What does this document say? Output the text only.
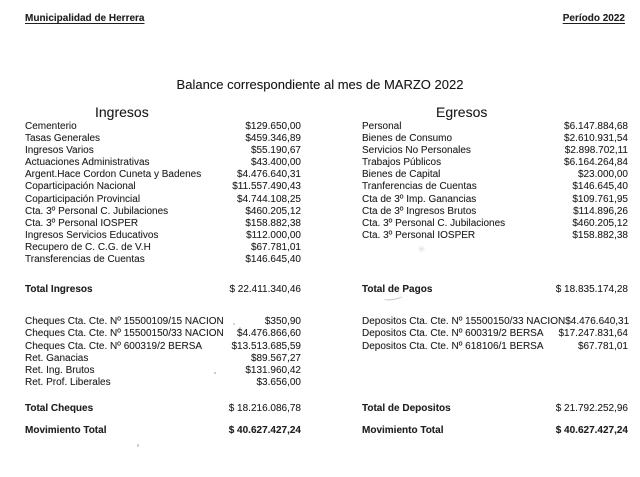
Municipalidad de Herrera	Período 2022
Balance correspondiente al mes de MARZO 2022
Ingresos
Cementerio	$129.650,00
Tasas Generales	$459.346,89
Ingresos Varios	$55.190,67
Actuaciones Administrativas	$43.400,00
Argent.Hace Cordon Cuneta y Badenes	$4.476.640,31
Coparticipación Nacional	$11.557.490,43
Coparticipación Provincial	$4.744.108,25
Cta. 3º Personal C. Jubilaciones	$460.205,12
Cta. 3º Personal IOSPER	$158.882,38
Ingresos Servicios Educativos	$112.000,00
Recupero de C. C.G. de V.H	$67.781,01
Transferencias de Cuentas	$146.645,40
Total Ingresos	$ 22.411.340,46
Cheques Cta. Cte. Nº 15500109/15 NACION	$350,90
Cheques Cta. Cte. Nº 15500150/33 NACION $4.476.866,60
Cheques Cta. Cte. Nº 600319/2 BERSA	$13.513.685,59
Ret. Ganacias	$89.567,27
Ret. Ing. Brutos	$131.960,42
Ret. Prof. Liberales	$3.656,00
Total Cheques	$ 18.216.086,78
Movimiento Total	$ 40.627.427,24
Egresos
Personal	$6.147.884,68
Bienes de Consumo	$2.610.931,54
Servicios No Personales	$2.898.702,11
Trabajos Públicos	$6.164.264,84
Bienes de Capital	$23.000,00
Tranferencias de Cuentas	$146.645,40
Cta de 3º Imp. Ganancias	$109.761,95
Cta de 3º Ingresos Brutos	$114.896,26
Cta. 3º Personal C. Jubilaciones	$460.205,12
Cta. 3º Personal IOSPER	$158.882,38
Total de Pagos	$ 18.835.174,28
Depositos Cta. Cte. Nº 15500150/33 NACION $4.476.640,31
Depositos Cta. Cte. Nº 600319/2 BERSA $17.247.831,64
Depositos Cta. Cte. Nº 618106/1 BERSA	$67.781,01
Total de Depositos	$ 21.792.252,96
Movimiento Total	$ 40.627.427,24
